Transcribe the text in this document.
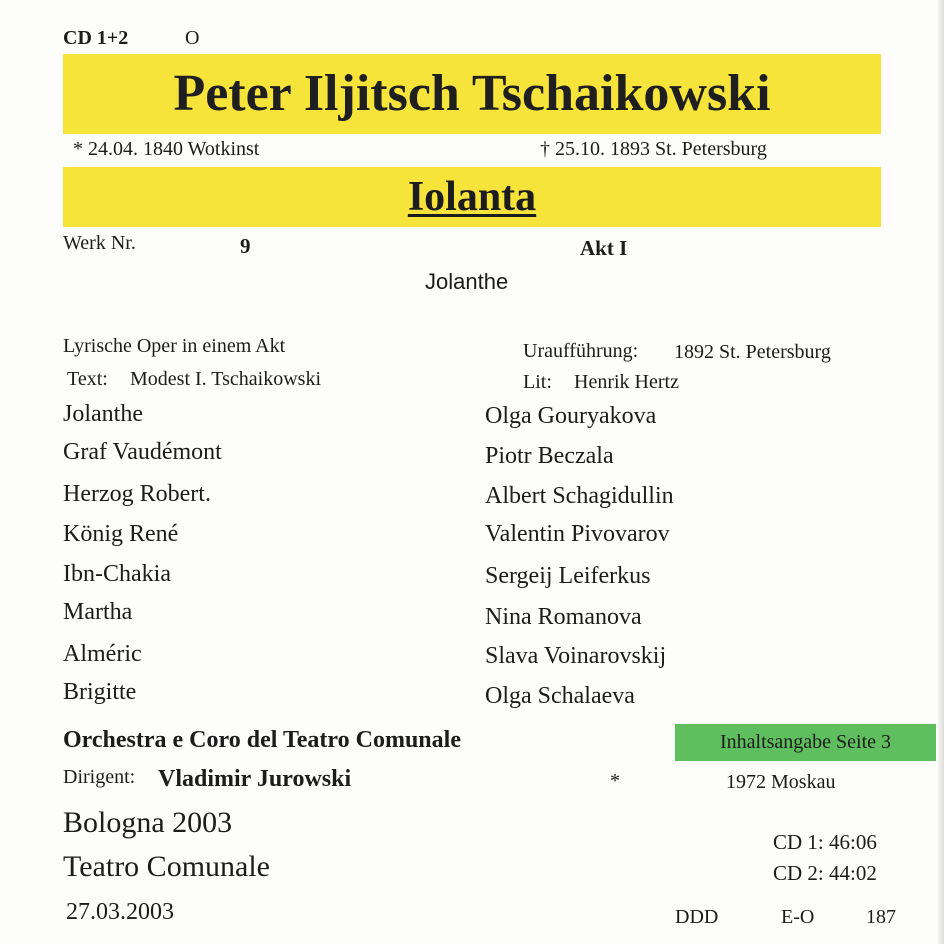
CD 1+2	O
Peter Iljitsch Tschaikowski
* 24.04. 1840 Wotkinst	† 25.10. 1893 St. Petersburg
Iolanta
Werk Nr.	9	Akt I
Jolanthe
Lyrische Oper in einem Akt
Text: Modest I. Tschaikowski
Uraufführung: 1892 St. Petersburg
Lit: Henrik Hertz
Jolanthe	Olga Gouryakova
Graf Vaudémont	Piotr Beczala
Herzog Robert.	Albert Schagidullin
König René	Valentin Pivovarov
Ibn-Chakia	Sergeij Leiferkus
Martha	Nina Romanova
Alméric	Slava Voinarovskij
Brigitte	Olga Schalaeva
Orchestra e Coro del Teatro Comunale	Inhaltsangabe Seite 3
Dirigent: Vladimir Jurowski	*	1972 Moskau
Bologna 2003
Teatro Comunale
27.03.2003
CD 1: 46:06
CD 2: 44:02
DDD	E-O	187
